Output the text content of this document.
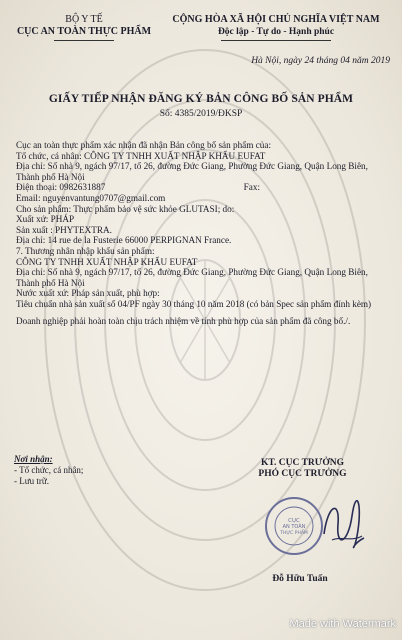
BỘ Y TẾ
CỤC AN TOÀN THỰC PHẨM
CỘNG HÒA XÃ HỘI CHỦ NGHĨA VIỆT NAM
Độc lập - Tự do - Hạnh phúc
Hà Nội, ngày 24 tháng 04 năm 2019
GIẤY TIẾP NHẬN ĐĂNG KÝ BẢN CÔNG BỐ SẢN PHẨM
Số: 4385/2019/ĐKSP

Cục an toàn thực phẩm xác nhận đã nhận Bản công bố sản phẩm của:

Tổ chức, cá nhân: CÔNG TY TNHH XUẤT NHẬP KHẨU EUFAT

Địa chỉ: Số nhà 9, ngách 97/17, tổ 26, đường Đức Giang, Phường Đức Giang, Quận Long Biên, Thành phố Hà Nội

Điện thoại: 0982631887	Fax:

Email: nguyenvantung0707@gmail.com

Cho sản phẩm: Thực phẩm bảo vệ sức khỏe GLUTASI; do:

Xuất xứ: PHÁP

Sản xuất : PHYTEXTRA.

Địa chỉ: 14 rue de la Fusterie 66000 PERPIGNAN France.

7. Thương nhân nhập khẩu sản phẩm:

CÔNG TY TNHH XUẤT NHẬP KHẨU EUFAT

Địa chỉ: Số nhà 9, ngách 97/17, tổ 26, đường Đức Giang, Phường Đức Giang, Quận Long Biên, Thành phố Hà Nội

Nước xuất xứ: Pháp sản xuất, phù hợp:

Tiêu chuẩn nhà sản xuất số 04/PF ngày 30 tháng 10 năm 2018 (có bản Spec sản phẩm đính kèm)

Doanh nghiệp phải hoàn toàn chịu trách nhiệm về tính phù hợp của sản phẩm đã công bố./.

Nơi nhận:
- Tổ chức, cá nhân;
- Lưu trữ.
KT. CỤC TRƯỞNG
PHÓ CỤC TRƯỞNG
CỤC
AN TOÀN
THỰC PHẨM
Đỗ Hữu Tuấn
Made with Watermark
